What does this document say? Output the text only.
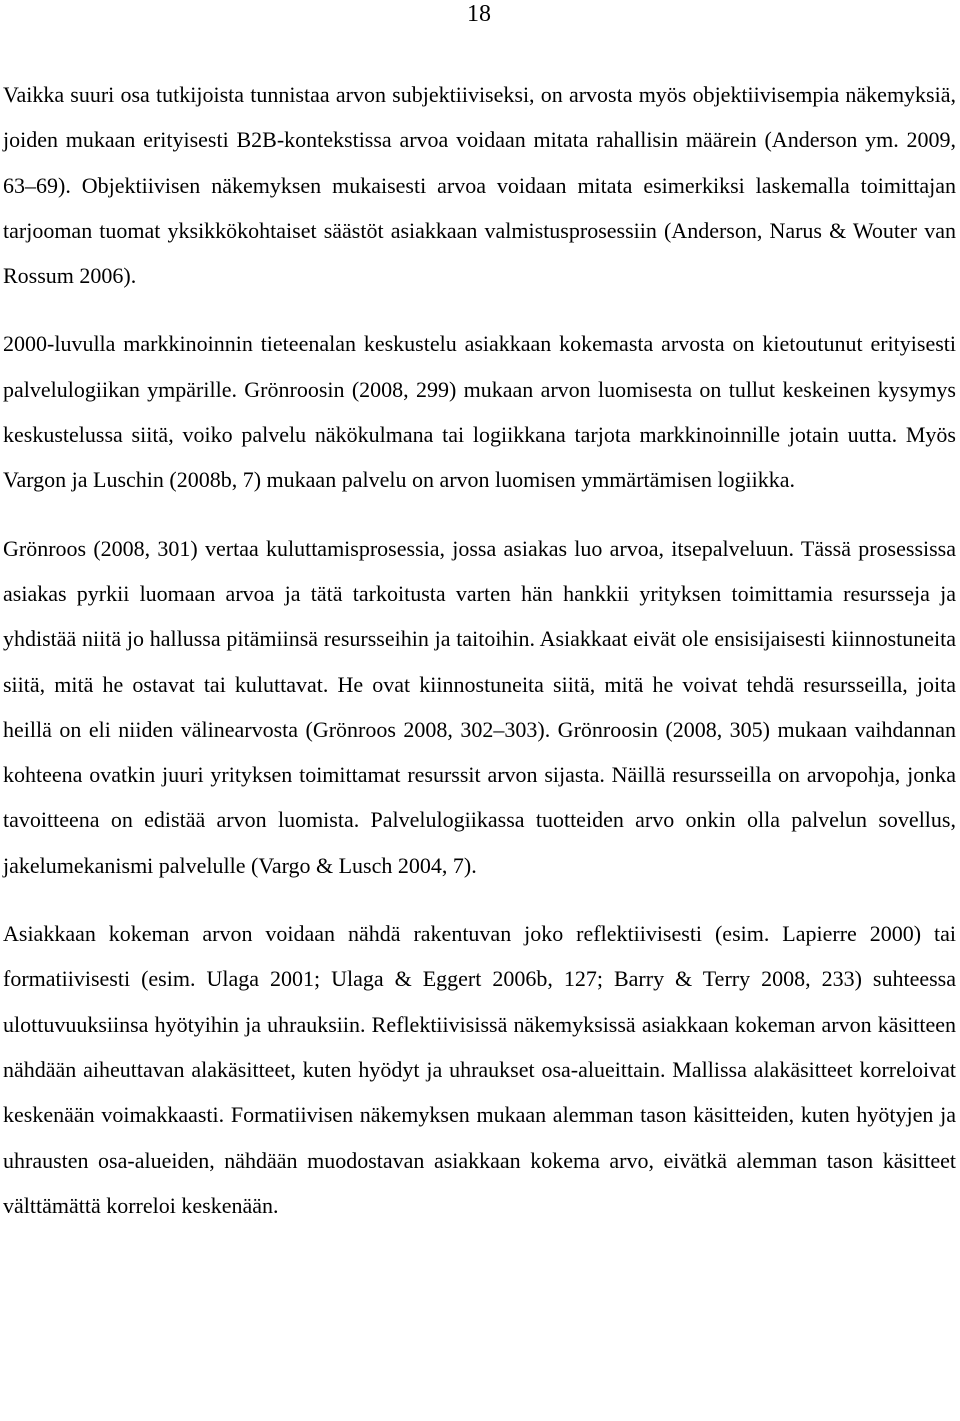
18

Vaikka suuri osa tutkijoista tunnistaa arvon subjektiiviseksi, on arvosta myös objektiivisempia näkemyksiä, joiden mukaan erityisesti B2B-kontekstissa arvoa voidaan mitata rahallisin määrein (Anderson ym. 2009, 63–69). Objektiivisen näkemyksen mukaisesti arvoa voidaan mitata esimerkiksi laskemalla toimittajan tarjooman tuomat yksikkökohtaiset säästöt asiakkaan valmistusprosessiin (Anderson, Narus & Wouter van Rossum 2006).

2000-luvulla markkinoinnin tieteenalan keskustelu asiakkaan kokemasta arvosta on kietoutunut erityisesti palvelulogiikan ympärille. Grönroosin (2008, 299) mukaan arvon luomisesta on tullut keskeinen kysymys keskustelussa siitä, voiko palvelu näkökulmana tai logiikkana tarjota markkinoinnille jotain uutta. Myös Vargon ja Luschin (2008b, 7) mukaan palvelu on arvon luomisen ymmärtämisen logiikka.

Grönroos (2008, 301) vertaa kuluttamisprosessia, jossa asiakas luo arvoa, itsepalveluun. Tässä prosessissa asiakas pyrkii luomaan arvoa ja tätä tarkoitusta varten hän hankkii yrityksen toimittamia resursseja ja yhdistää niitä jo hallussa pitämiinsä resursseihin ja taitoihin. Asiakkaat eivät ole ensisijaisesti kiinnostuneita siitä, mitä he ostavat tai kuluttavat. He ovat kiinnostuneita siitä, mitä he voivat tehdä resursseilla, joita heillä on eli niiden välinearvosta (Grönroos 2008, 302–303). Grönroosin (2008, 305) mukaan vaihdannan kohteena ovatkin juuri yrityksen toimittamat resurssit arvon sijasta. Näillä resursseilla on arvopohja, jonka tavoitteena on edistää arvon luomista. Palvelulogiikassa tuotteiden arvo onkin olla palvelun sovellus, jakelumekanismi palvelulle (Vargo & Lusch 2004, 7).

Asiakkaan kokeman arvon voidaan nähdä rakentuvan joko reflektiivisesti (esim. Lapierre 2000) tai formatiivisesti (esim. Ulaga 2001; Ulaga & Eggert 2006b, 127; Barry & Terry 2008, 233) suhteessa ulottuvuuksiinsa hyötyihin ja uhrauksiin. Reflektiivisissä näkemyksissä asiakkaan kokeman arvon käsitteen nähdään aiheuttavan alakäsitteet, kuten hyödyt ja uhraukset osa-alueittain. Mallissa alakäsitteet korreloivat keskenään voimakkaasti. Formatiivisen näkemyksen mukaan alemman tason käsitteiden, kuten hyötyjen ja uhrausten osa-alueiden, nähdään muodostavan asiakkaan kokema arvo, eivätkä alemman tason käsitteet välttämättä korreloi keskenään.
